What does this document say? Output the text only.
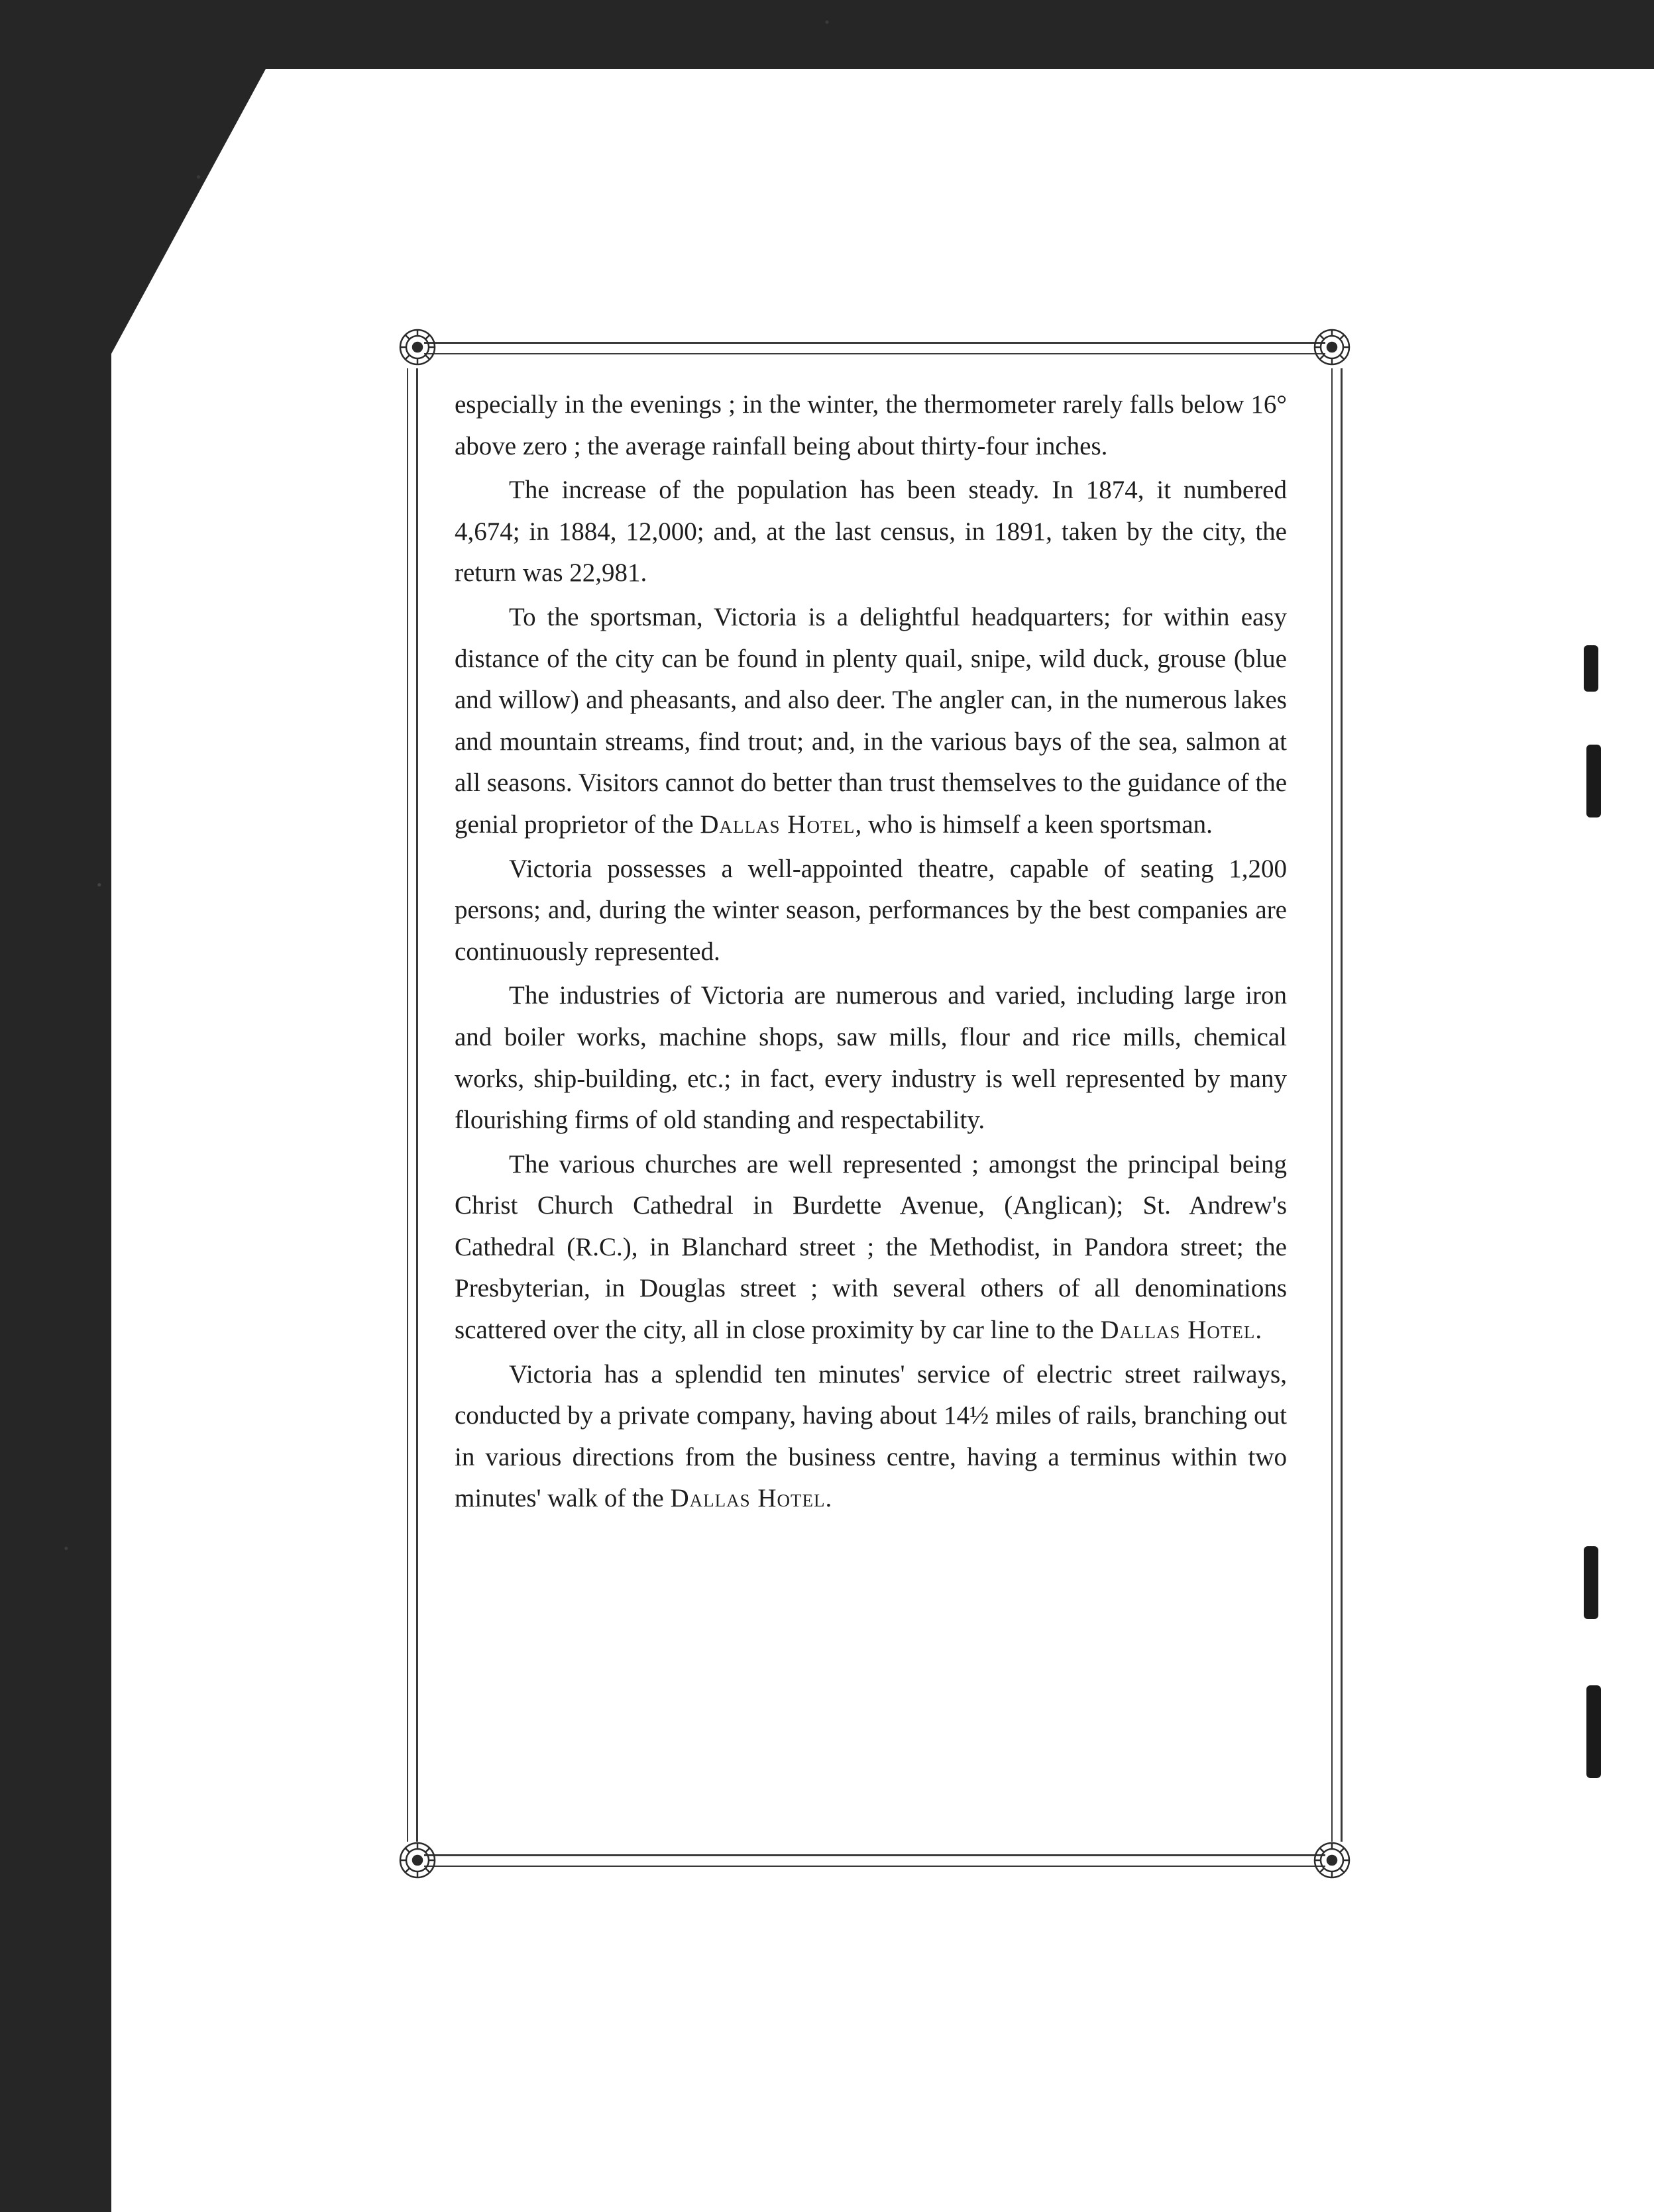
especially in the evenings ; in the winter, the thermometer rarely falls below 16° above zero ; the average rainfall being about thirty-four inches.

The increase of the population has been steady. In 1874, it numbered 4,674; in 1884, 12,000; and, at the last census, in 1891, taken by the city, the return was 22,981.

To the sportsman, Victoria is a delightful headquarters; for within easy distance of the city can be found in plenty quail, snipe, wild duck, grouse (blue and willow) and pheasants, and also deer. The angler can, in the numerous lakes and mountain streams, find trout; and, in the various bays of the sea, salmon at all seasons. Visitors cannot do better than trust themselves to the guidance of the genial proprietor of the Dallas Hotel, who is himself a keen sportsman.

Victoria possesses a well-appointed theatre, capable of seating 1,200 persons; and, during the winter season, performances by the best companies are continuously represented.

The industries of Victoria are numerous and varied, including large iron and boiler works, machine shops, saw mills, flour and rice mills, chemical works, ship-building, etc.; in fact, every industry is well represented by many flourishing firms of old standing and respectability.

The various churches are well represented ; amongst the principal being Christ Church Cathedral in Burdette Avenue, (Anglican); St. Andrew's Cathedral (R.C.), in Blanchard street ; the Methodist, in Pandora street; the Presbyterian, in Douglas street ; with several others of all denominations scattered over the city, all in close proximity by car line to the Dallas Hotel.

Victoria has a splendid ten minutes' service of electric street railways, conducted by a private company, having about 14½ miles of rails, branching out in various directions from the business centre, having a terminus within two minutes' walk of the Dallas Hotel.
